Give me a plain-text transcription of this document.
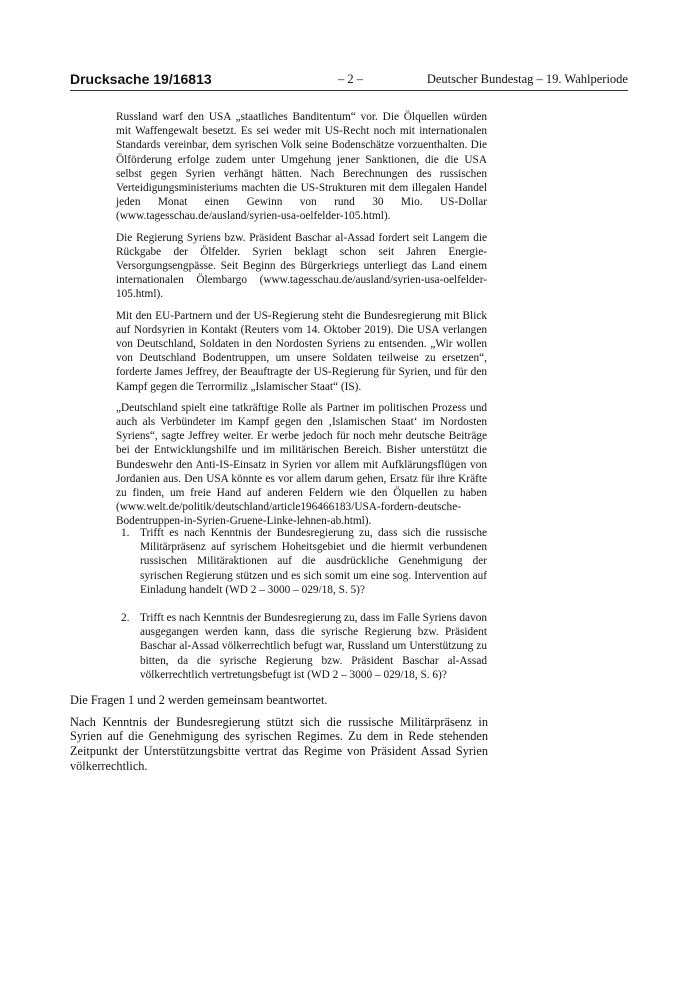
Drucksache 19/16813	– 2 –	Deutscher Bundestag – 19. Wahlperiode

Russland warf den USA „staatliches Banditentum“ vor. Die Ölquellen würden mit Waffengewalt besetzt. Es sei weder mit US-Recht noch mit internationalen Standards vereinbar, dem syrischen Volk seine Bodenschätze vorzuenthalten. Die Ölförderung erfolge zudem unter Umgehung jener Sanktionen, die die USA selbst gegen Syrien verhängt hätten. Nach Berechnungen des russischen Verteidigungsministeriums machten die US-Strukturen mit dem illegalen Handel jeden Monat einen Gewinn von rund 30 Mio. US-Dollar (www.tagesschau.de/ausland/syrien-usa-oelfelder-105.html).

Die Regierung Syriens bzw. Präsident Baschar al-Assad fordert seit Langem die Rückgabe der Ölfelder. Syrien beklagt schon seit Jahren Energie-Versorgungsengpässe. Seit Beginn des Bürgerkriegs unterliegt das Land einem internationalen Ölembargo (www.tagesschau.de/ausland/syrien-usa-oelfelder-105.html).

Mit den EU-Partnern und der US-Regierung steht die Bundesregierung mit Blick auf Nordsyrien in Kontakt (Reuters vom 14. Oktober 2019). Die USA verlangen von Deutschland, Soldaten in den Nordosten Syriens zu entsenden. „Wir wollen von Deutschland Bodentruppen, um unsere Soldaten teilweise zu ersetzen“, forderte James Jeffrey, der Beauftragte der US-Regierung für Syrien, und für den Kampf gegen die Terrormiliz „Islamischer Staat“ (IS).

„Deutschland spielt eine tatkräftige Rolle als Partner im politischen Prozess und auch als Verbündeter im Kampf gegen den ‚Islamischen Staat‘ im Nordosten Syriens“, sagte Jeffrey weiter. Er werbe jedoch für noch mehr deutsche Beiträge bei der Entwicklungshilfe und im militärischen Bereich. Bisher unterstützt die Bundeswehr den Anti-IS-Einsatz in Syrien vor allem mit Aufklärungsflügen von Jordanien aus. Den USA könnte es vor allem darum gehen, Ersatz für ihre Kräfte zu finden, um freie Hand auf anderen Feldern wie den Ölquellen zu haben (www.welt.de/politik/deutschland/article196466183/USA-fordern-deutsche-Bodentruppen-in-Syrien-Gruene-Linke-lehnen-ab.html).

1. Trifft es nach Kenntnis der Bundesregierung zu, dass sich die russische Militärpräsenz auf syrischem Hoheitsgebiet und die hiermit verbundenen russischen Militäraktionen auf die ausdrückliche Genehmigung der syrischen Regierung stützen und es sich somit um eine sog. Intervention auf Einladung handelt (WD 2 – 3000 – 029/18, S. 5)?
2. Trifft es nach Kenntnis der Bundesregierung zu, dass im Falle Syriens davon ausgegangen werden kann, dass die syrische Regierung bzw. Präsident Baschar al-Assad völkerrechtlich befugt war, Russland um Unterstützung zu bitten, da die syrische Regierung bzw. Präsident Baschar al-Assad völkerrechtlich vertretungsbefugt ist (WD 2 – 3000 – 029/18, S. 6)?

Die Fragen 1 und 2 werden gemeinsam beantwortet.

Nach Kenntnis der Bundesregierung stützt sich die russische Militärpräsenz in Syrien auf die Genehmigung des syrischen Regimes. Zu dem in Rede stehenden Zeitpunkt der Unterstützungsbitte vertrat das Regime von Präsident Assad Syrien völkerrechtlich.
